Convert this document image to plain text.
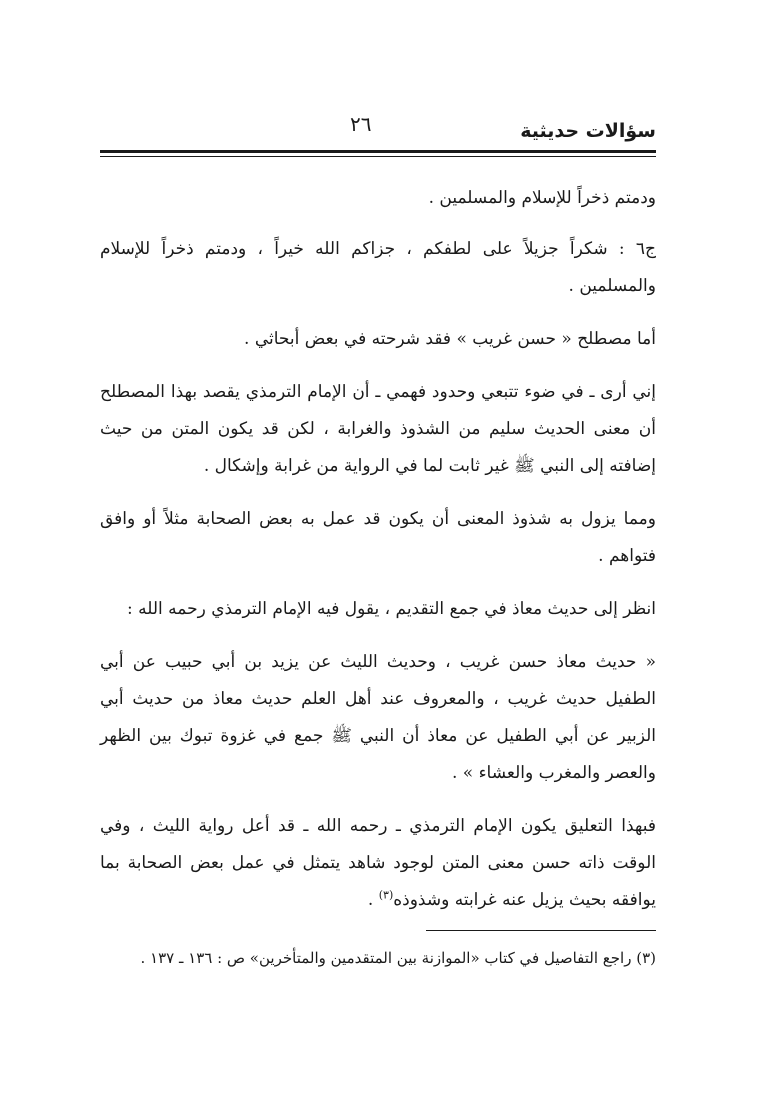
سؤالات حديثية
٢٦

ودمتم ذخراً للإسلام والمسلمين .

ج٦ : شكراً جزيلاً على لطفكم ، جزاكم الله خيراً ، ودمتم ذخراً للإسلام والمسلمين .

أما مصطلح « حسن غريب » فقد شرحته في بعض أبحاثي .

إني أرى ـ في ضوء تتبعي وحدود فهمي ـ أن الإمام الترمذي يقصد بهذا المصطلح أن معنى الحديث سليم من الشذوذ والغرابة ، لكن قد يكون المتن من حيث إضافته إلى النبي ﷺ غير ثابت لما في الرواية من غرابة وإشكال .

ومما يزول به شذوذ المعنى أن يكون قد عمل به بعض الصحابة مثلاً أو وافق فتواهم .

انظر إلى حديث معاذ في جمع التقديم ، يقول فيه الإمام الترمذي رحمه الله :

« حديث معاذ حسن غريب ، وحديث الليث عن يزيد بن أبي حبيب عن أبي الطفيل حديث غريب ، والمعروف عند أهل العلم حديث معاذ من حديث أبي الزبير عن أبي الطفيل عن معاذ أن النبي ﷺ جمع في غزوة تبوك بين الظهر والعصر والمغرب والعشاء » .

فبهذا التعليق يكون الإمام الترمذي ـ رحمه الله ـ قد أعل رواية الليث ، وفي الوقت ذاته حسن معنى المتن لوجود شاهد يتمثل في عمل بعض الصحابة بما يوافقه بحيث يزيل عنه غرابته وشذوذه$^{(٣)}$ .

(٣) راجع التفاصيل في كتاب «الموازنة بين المتقدمين والمتأخرين» ص : ١٣٦ ـ ١٣٧ .
